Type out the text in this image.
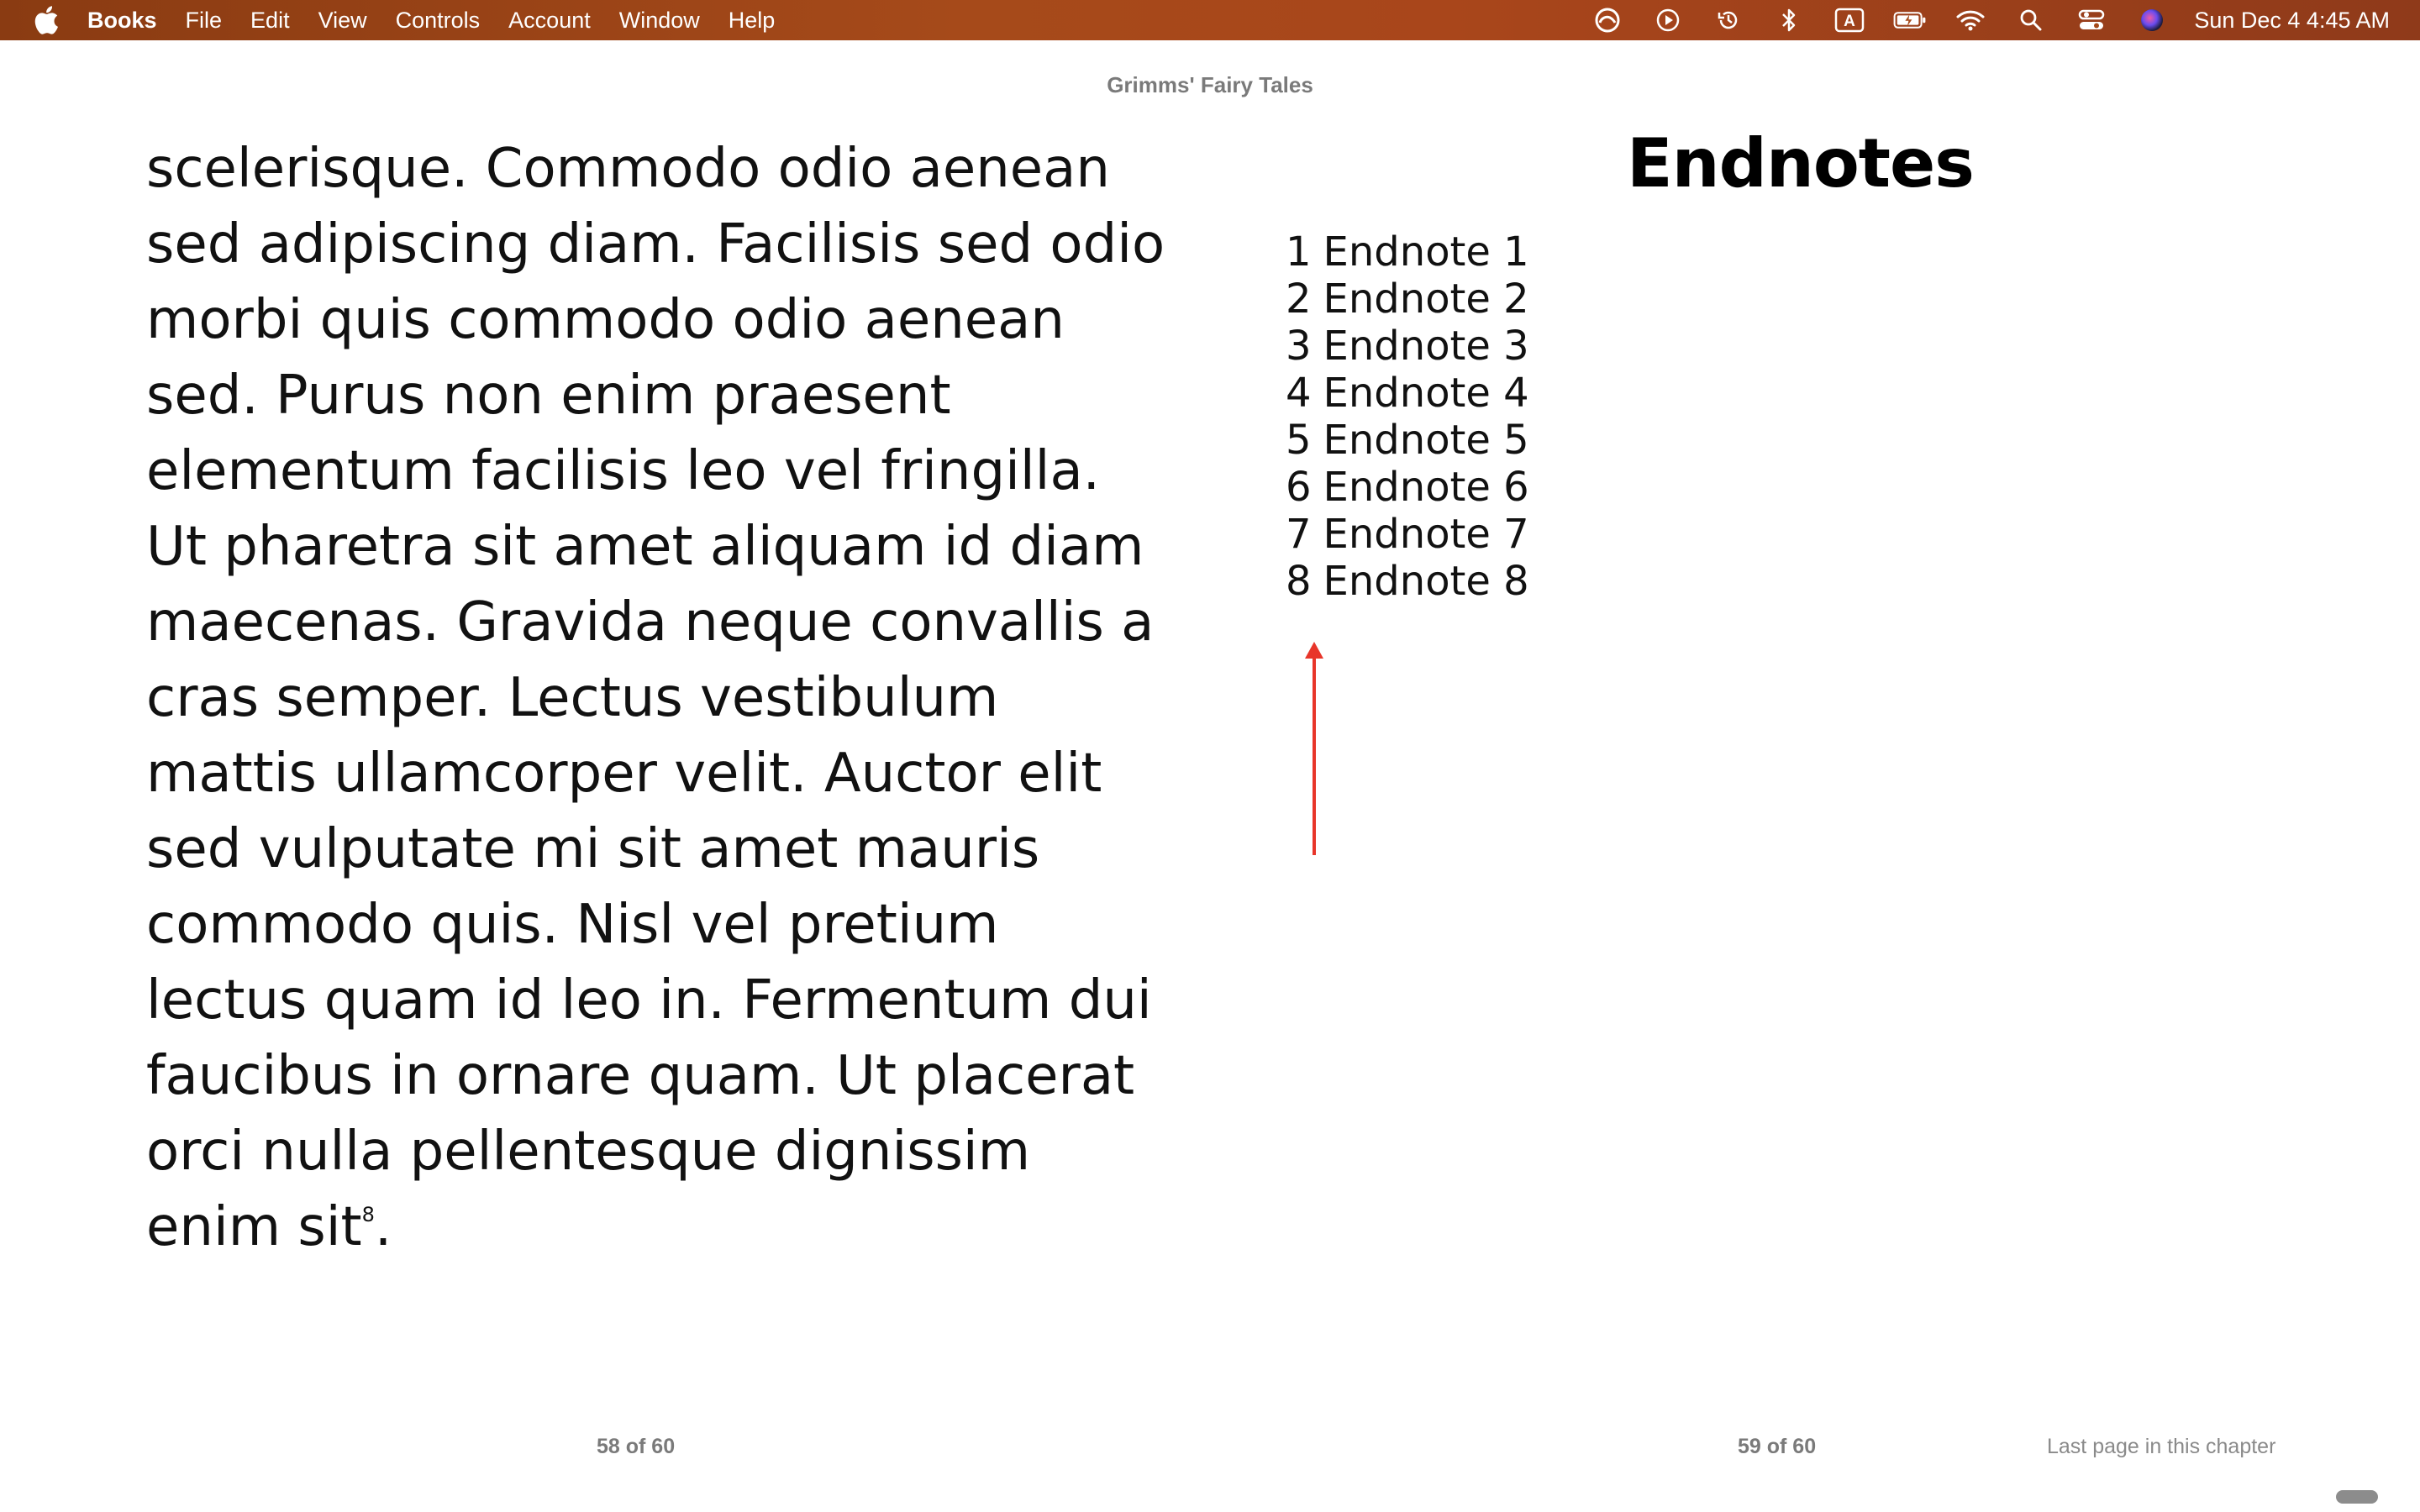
Books File Edit View Controls Account Window Help	A	Sun Dec 4 4:45 AM
Grimms' Fairy Tales
scelerisque. Commodo odio aenean sed adipiscing diam. Facilisis sed odio morbi quis commodo odio aenean sed. Purus non enim praesent elementum facilisis leo vel fringilla. Ut pharetra sit amet aliquam id diam maecenas. Gravida neque convallis a cras semper. Lectus vestibulum mattis ullamcorper velit. Auctor elit sed vulputate mi sit amet mauris commodo quis. Nisl vel pretium lectus quam id leo in. Fermentum dui faucibus in ornare quam. Ut placerat orci nulla pellentesque dignissim enim sit$^8$.
Endnotes
1 Endnote 1
2 Endnote 2
3 Endnote 3
4 Endnote 4
5 Endnote 5
6 Endnote 6
7 Endnote 7
8 Endnote 8
58 of 60	59 of 60	Last page in this chapter
